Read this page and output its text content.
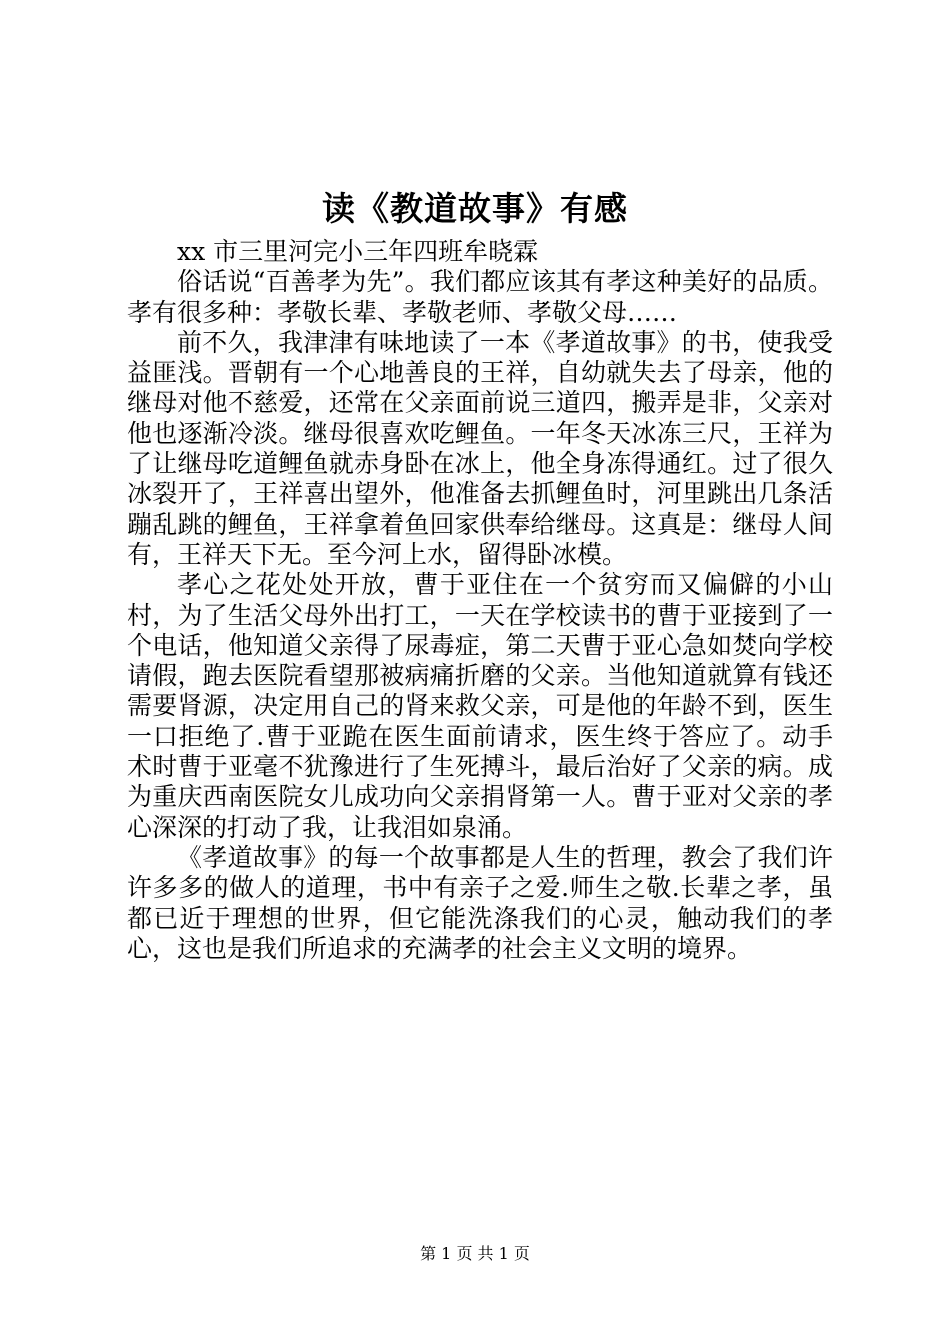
读《教道故事》有感
xx 市三里河完小三年四班牟晓霖

俗话说“百善孝为先”。我们都应该其有孝这种美好的品质。孝有很多种：孝敬长辈、孝敬老师、孝敬父母……

前不久，我津津有味地读了一本《孝道故事》的书，使我受益匪浅。晋朝有一个心地善良的王祥，自幼就失去了母亲，他的继母对他不慈爱，还常在父亲面前说三道四，搬弄是非，父亲对他也逐渐冷淡。继母很喜欢吃鲤鱼。一年冬天冰冻三尺，王祥为了让继母吃道鲤鱼就赤身卧在冰上，他全身冻得通红。过了很久冰裂开了，王祥喜出望外，他准备去抓鲤鱼时，河里跳出几条活蹦乱跳的鲤鱼，王祥拿着鱼回家供奉给继母。这真是：继母人间有，王祥天下无。至今河上水，留得卧冰模。

孝心之花处处开放，曹于亚住在一个贫穷而又偏僻的小山村，为了生活父母外出打工，一天在学校读书的曹于亚接到了一个电话，他知道父亲得了尿毒症，第二天曹于亚心急如焚向学校请假，跑去医院看望那被病痛折磨的父亲。当他知道就算有钱还需要肾源，决定用自己的肾来救父亲，可是他的年龄不到，医生一口拒绝了.曹于亚跪在医生面前请求，医生终于答应了。动手术时曹于亚毫不犹豫进行了生死搏斗，最后治好了父亲的病。成为重庆西南医院女儿成功向父亲捐肾第一人。曹于亚对父亲的孝心深深的打动了我，让我泪如泉涌。

《孝道故事》的每一个故事都是人生的哲理，教会了我们许许多多的做人的道理，书中有亲子之爱.师生之敬.长辈之孝，虽都已近于理想的世界，但它能洗涤我们的心灵，触动我们的孝心，这也是我们所追求的充满孝的社会主义文明的境界。

第 1 页 共 1 页
